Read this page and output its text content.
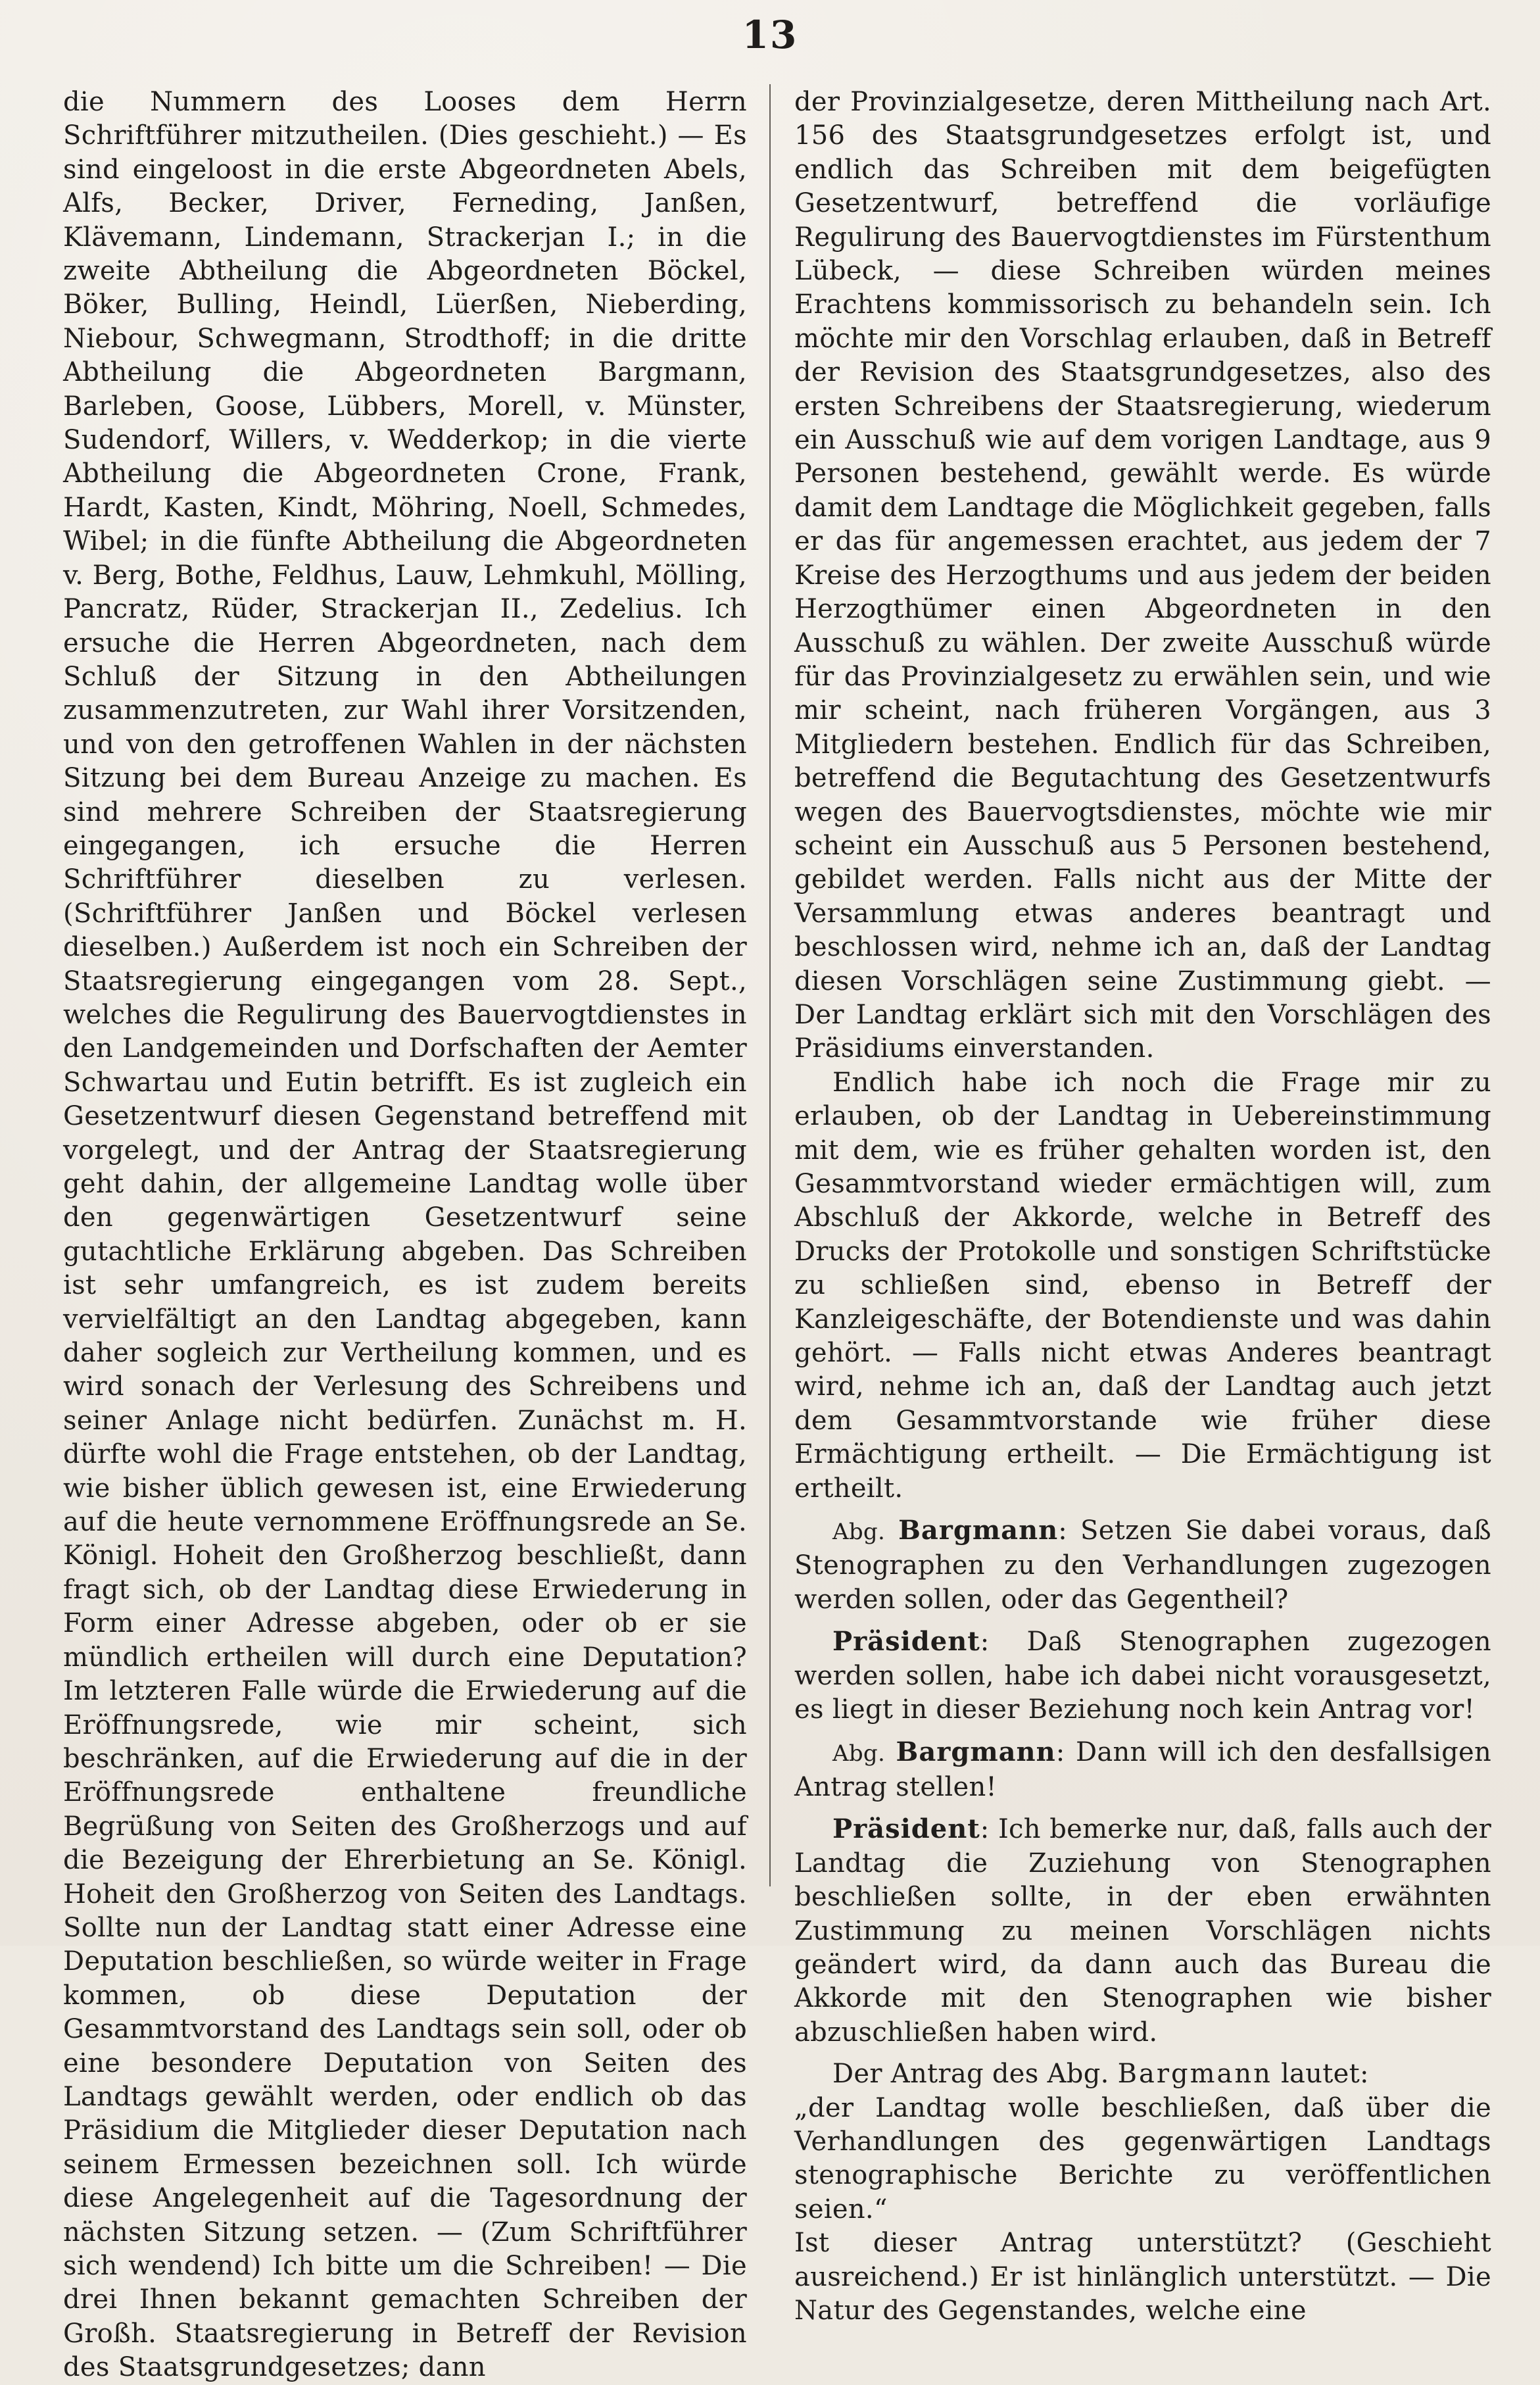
13

die Nummern des Looses dem Herrn Schriftführer mitzutheilen. (Dies geschieht.) — Es sind eingeloost in die erste Abgeordneten Abels, Alfs, Becker, Driver, Ferneding, Janßen, Klävemann, Lindemann, Strackerjan I.; in die zweite Abtheilung die Abgeordneten Böckel, Böker, Bulling, Heindl, Lüerßen, Nieberding, Niebour, Schwegmann, Strodthoff; in die dritte Abtheilung die Abgeordneten Bargmann, Barleben, Goose, Lübbers, Morell, v. Münster, Sudendorf, Willers, v. Wedderkop; in die vierte Abtheilung die Abgeordneten Crone, Frank, Hardt, Kasten, Kindt, Möhring, Noell, Schmedes, Wibel; in die fünfte Abtheilung die Abgeordneten v. Berg, Bothe, Feldhus, Lauw, Lehmkuhl, Mölling, Pancratz, Rüder, Strackerjan II., Zedelius. Ich ersuche die Herren Abgeordneten, nach dem Schluß der Sitzung in den Abtheilungen zusammenzutreten, zur Wahl ihrer Vorsitzenden, und von den getroffenen Wahlen in der nächsten Sitzung bei dem Bureau Anzeige zu machen. Es sind mehrere Schreiben der Staatsregierung eingegangen, ich ersuche die Herren Schriftführer dieselben zu verlesen. (Schriftführer Janßen und Böckel verlesen dieselben.) Außerdem ist noch ein Schreiben der Staatsregierung eingegangen vom 28. Sept., welches die Regulirung des Bauervogtdienstes in den Landgemeinden und Dorfschaften der Aemter Schwartau und Eutin betrifft. Es ist zugleich ein Gesetzentwurf diesen Gegenstand betreffend mit vorgelegt, und der Antrag der Staatsregierung geht dahin, der allgemeine Landtag wolle über den gegenwärtigen Gesetzentwurf seine gutachtliche Erklärung abgeben. Das Schreiben ist sehr umfangreich, es ist zudem bereits vervielfältigt an den Landtag abgegeben, kann daher sogleich zur Vertheilung kommen, und es wird sonach der Verlesung des Schreibens und seiner Anlage nicht bedürfen. Zunächst m. H. dürfte wohl die Frage entstehen, ob der Landtag, wie bisher üblich gewesen ist, eine Erwiederung auf die heute vernommene Eröffnungsrede an Se. Königl. Hoheit den Großherzog beschließt, dann fragt sich, ob der Landtag diese Erwiederung in Form einer Adresse abgeben, oder ob er sie mündlich ertheilen will durch eine Deputation? Im letzteren Falle würde die Erwiederung auf die Eröffnungsrede, wie mir scheint, sich beschränken, auf die Erwiederung auf die in der Eröffnungsrede enthaltene freundliche Begrüßung von Seiten des Großherzogs und auf die Bezeigung der Ehrerbietung an Se. Königl. Hoheit den Großherzog von Seiten des Landtags. Sollte nun der Landtag statt einer Adresse eine Deputation beschließen, so würde weiter in Frage kommen, ob diese Deputation der Gesammtvorstand des Landtags sein soll, oder ob eine besondere Deputation von Seiten des Landtags gewählt werden, oder endlich ob das Präsidium die Mitglieder dieser Deputation nach seinem Ermessen bezeichnen soll. Ich würde diese Angelegenheit auf die Tagesordnung der nächsten Sitzung setzen. — (Zum Schriftführer sich wendend) Ich bitte um die Schreiben! — Die drei Ihnen bekannt gemachten Schreiben der Großh. Staatsregierung in Betreff der Revision des Staatsgrundgesetzes; dann

der Provinzialgesetze, deren Mittheilung nach Art. 156 des Staatsgrundgesetzes erfolgt ist, und endlich das Schreiben mit dem beigefügten Gesetzentwurf, betreffend die vorläufige Regulirung des Bauervogtdienstes im Fürstenthum Lübeck, — diese Schreiben würden meines Erachtens kommissorisch zu behandeln sein. Ich möchte mir den Vorschlag erlauben, daß in Betreff der Revision des Staatsgrundgesetzes, also des ersten Schreibens der Staatsregierung, wiederum ein Ausschuß wie auf dem vorigen Landtage, aus 9 Personen bestehend, gewählt werde. Es würde damit dem Landtage die Möglichkeit gegeben, falls er das für angemessen erachtet, aus jedem der 7 Kreise des Herzogthums und aus jedem der beiden Herzogthümer einen Abgeordneten in den Ausschuß zu wählen. Der zweite Ausschuß würde für das Provinzialgesetz zu erwählen sein, und wie mir scheint, nach früheren Vorgängen, aus 3 Mitgliedern bestehen. Endlich für das Schreiben, betreffend die Begutachtung des Gesetzentwurfs wegen des Bauervogtsdienstes, möchte wie mir scheint ein Ausschuß aus 5 Personen bestehend, gebildet werden. Falls nicht aus der Mitte der Versammlung etwas anderes beantragt und beschlossen wird, nehme ich an, daß der Landtag diesen Vorschlägen seine Zustimmung giebt. — Der Landtag erklärt sich mit den Vorschlägen des Präsidiums einverstanden.

Endlich habe ich noch die Frage mir zu erlauben, ob der Landtag in Uebereinstimmung mit dem, wie es früher gehalten worden ist, den Gesammtvorstand wieder ermächtigen will, zum Abschluß der Akkorde, welche in Betreff des Drucks der Protokolle und sonstigen Schriftstücke zu schließen sind, ebenso in Betreff der Kanzleigeschäfte, der Botendienste und was dahin gehört. — Falls nicht etwas Anderes beantragt wird, nehme ich an, daß der Landtag auch jetzt dem Gesammtvorstande wie früher diese Ermächtigung ertheilt. — Die Ermächtigung ist ertheilt.

Abg. Bargmann: Setzen Sie dabei voraus, daß Stenographen zu den Verhandlungen zugezogen werden sollen, oder das Gegentheil?

Präsident: Daß Stenographen zugezogen werden sollen, habe ich dabei nicht vorausgesetzt, es liegt in dieser Beziehung noch kein Antrag vor!

Abg. Bargmann: Dann will ich den desfallsigen Antrag stellen!

Präsident: Ich bemerke nur, daß, falls auch der Landtag die Zuziehung von Stenographen beschließen sollte, in der eben erwähnten Zustimmung zu meinen Vorschlägen nichts geändert wird, da dann auch das Bureau die Akkorde mit den Stenographen wie bisher abzuschließen haben wird.

Der Antrag des Abg. Bargmann lautet:

„der Landtag wolle beschließen, daß über die Verhandlungen des gegenwärtigen Landtags stenographische Berichte zu veröffentlichen seien.“

Ist dieser Antrag unterstützt? (Geschieht ausreichend.) Er ist hinlänglich unterstützt. — Die Natur des Gegenstandes, welche eine
